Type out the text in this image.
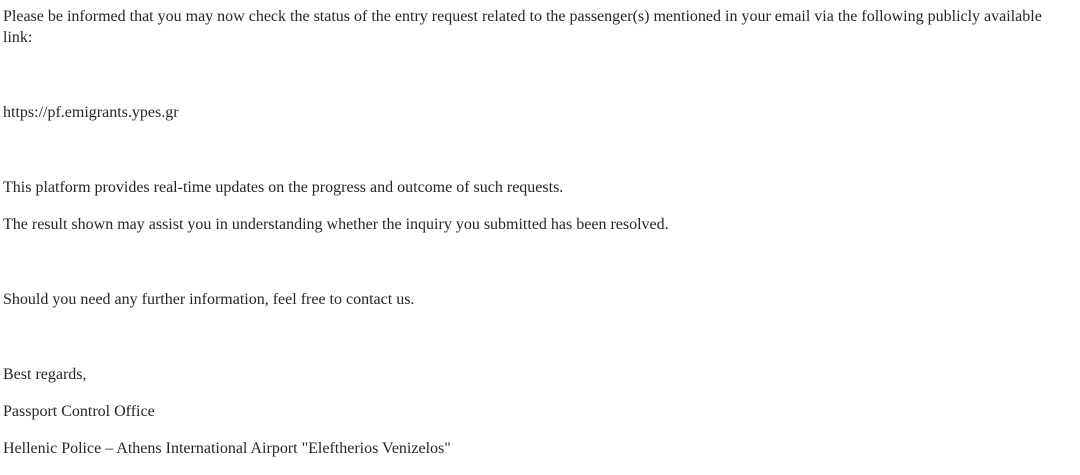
Please be informed that you may now check the status of the entry request related to the passenger(s) mentioned in your email via the following publicly available link:

https://pf.emigrants.ypes.gr

This platform provides real-time updates on the progress and outcome of such requests.

The result shown may assist you in understanding whether the inquiry you submitted has been resolved.

Should you need any further information, feel free to contact us.

Best regards,

Passport Control Office

Hellenic Police – Athens International Airport "Eleftherios Venizelos"
